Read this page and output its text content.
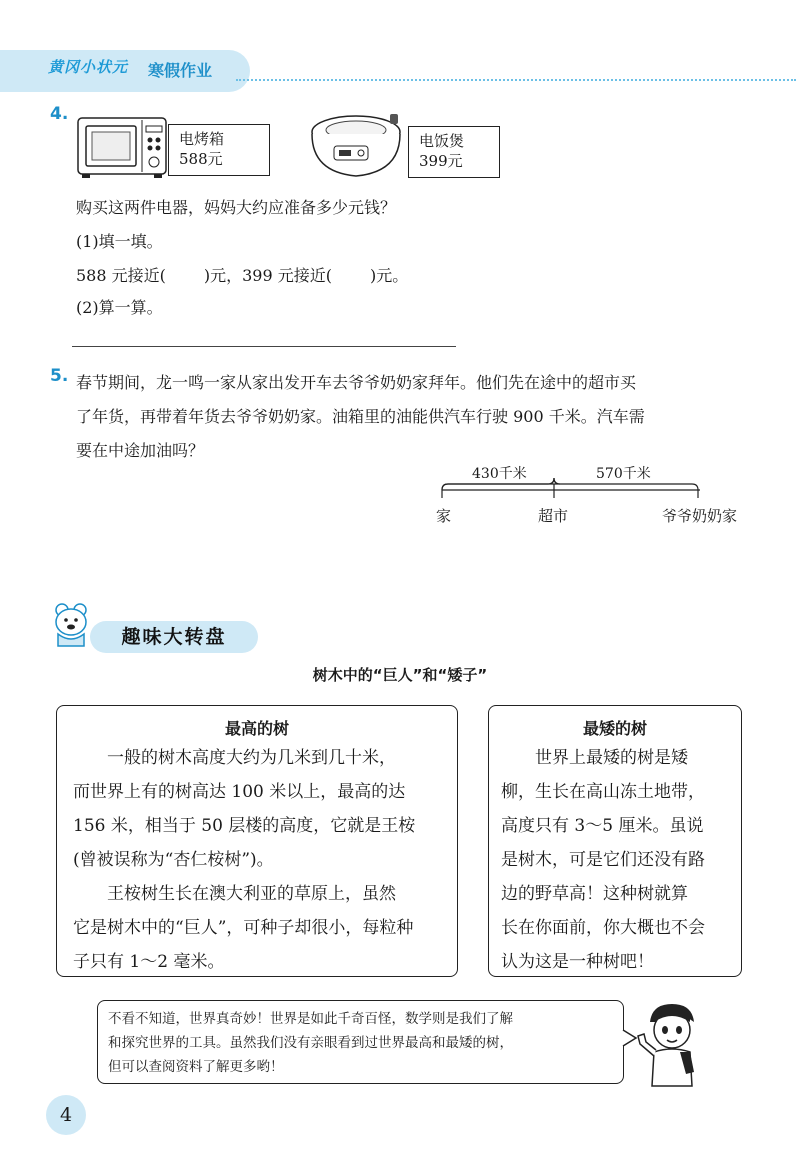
黄冈小状元 寒假作业
4.
电烤箱
588元
电饭煲
399元
购买这两件电器，妈妈大约应准备多少元钱？
(1)填一填。
588 元接近( )元，399 元接近( )元。
(2)算一算。
5. 春节期间，龙一鸣一家从家出发开车去爷爷奶奶家拜年。他们先在途中的超市买
了年货，再带着年货去爷爷奶奶家。油箱里的油能供汽车行驶 900 千米。汽车需
要在中途加油吗？
430千米	570千米
家	超市	爷爷奶奶家
趣味大转盘
树木中的“巨人”和“矮子”
最高的树
　　一般的树木高度大约为几米到几十米，
而世界上有的树高达 100 米以上，最高的达
156 米，相当于 50 层楼的高度，它就是王桉
(曾被误称为“杏仁桉树”)。
　　王桉树生长在澳大利亚的草原上，虽然
它是树木中的“巨人”，可种子却很小，每粒种
子只有 1～2 毫米。
最矮的树
　　世界上最矮的树是矮
柳，生长在高山冻土地带，
高度只有 3～5 厘米。虽说
是树木，可是它们还没有路
边的野草高！这种树就算
长在你面前，你大概也不会
认为这是一种树吧！
不看不知道，世界真奇妙！世界是如此千奇百怪，数学则是我们了解
和探究世界的工具。虽然我们没有亲眼看到过世界最高和最矮的树，
但可以查阅资料了解更多哟！
4
